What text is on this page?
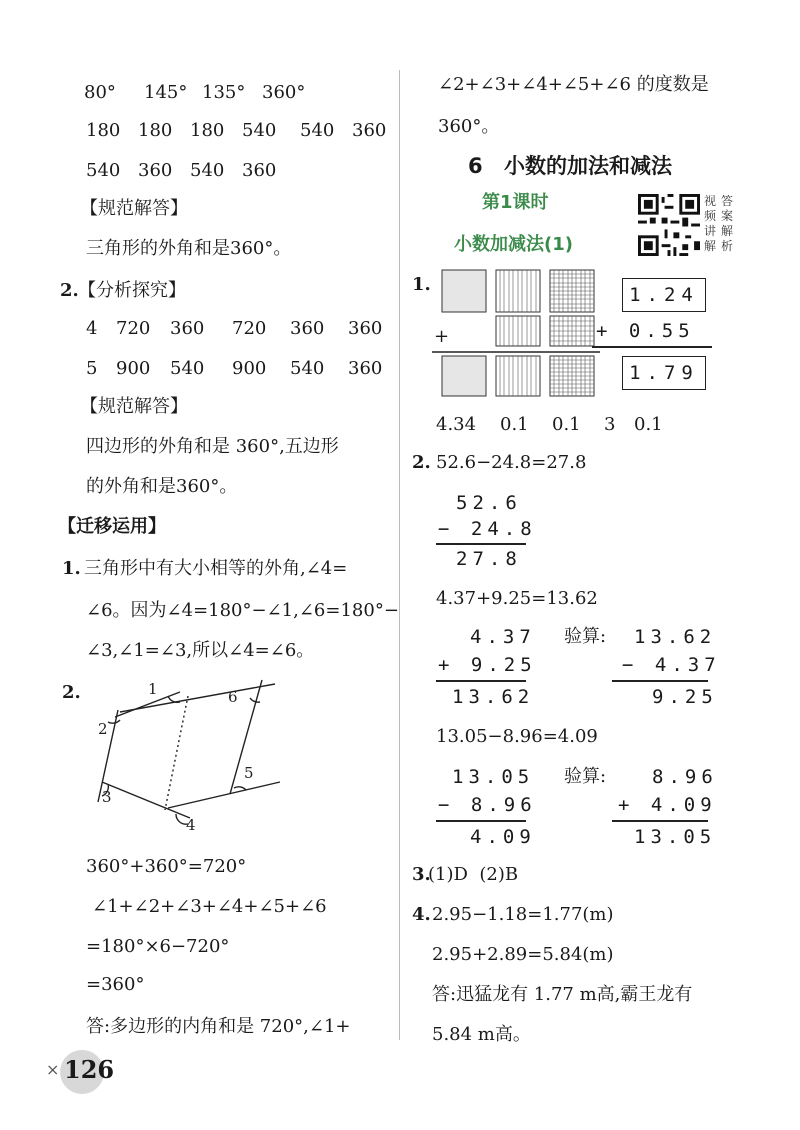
80°	145° 135° 360°
180 180 180 540	540 360
540 360 540 360
【规范解答】
三角形的外角和是360°。
2. 【分析探究】
4	720	360	720	360	360
5	900	540	900	540	360
【规范解答】
四边形的外角和是 360°,五边形
的外角和是360°。
【迁移运用】
1. 三角形中有大小相等的外角,∠4=
∠6。因为∠4=180°−∠1,∠6=180°−
∠3,∠1=∠3,所以∠4=∠6。
2.	1
2
3
4
5
6
360°+360°=720°
∠1+∠2+∠3+∠4+∠5+∠6
=180°×6−720°
=360°
答:多边形的内角和是 720°,∠1+
× 126
∠2+∠3+∠4+∠5+∠6 的度数是
360°。
6 小数的加法和减法
第1课时	视 答
频 案
讲 解
解 析
小数加减法(1)
1.
+
1.24
+ 0.55
1.79
4.34	0.1	0.1	3	0.1
2. 52.6−24.8=27.8
52.6
− 24.8
27.8
4.37+9.25=13.62
4.37
+ 9.25
13.62
验算: 13.62
− 4.37
9.25
13.05−8.96=4.09
13.05
− 8.96
4.09
验算: 8.96
+ 4.09
13.05
3.
(1)D  (2)B
4. 2.95−1.18=1.77(m)
2.95+2.89=5.84(m)
答:迅猛龙有 1.77 m高,霸王龙有
5.84 m高。
